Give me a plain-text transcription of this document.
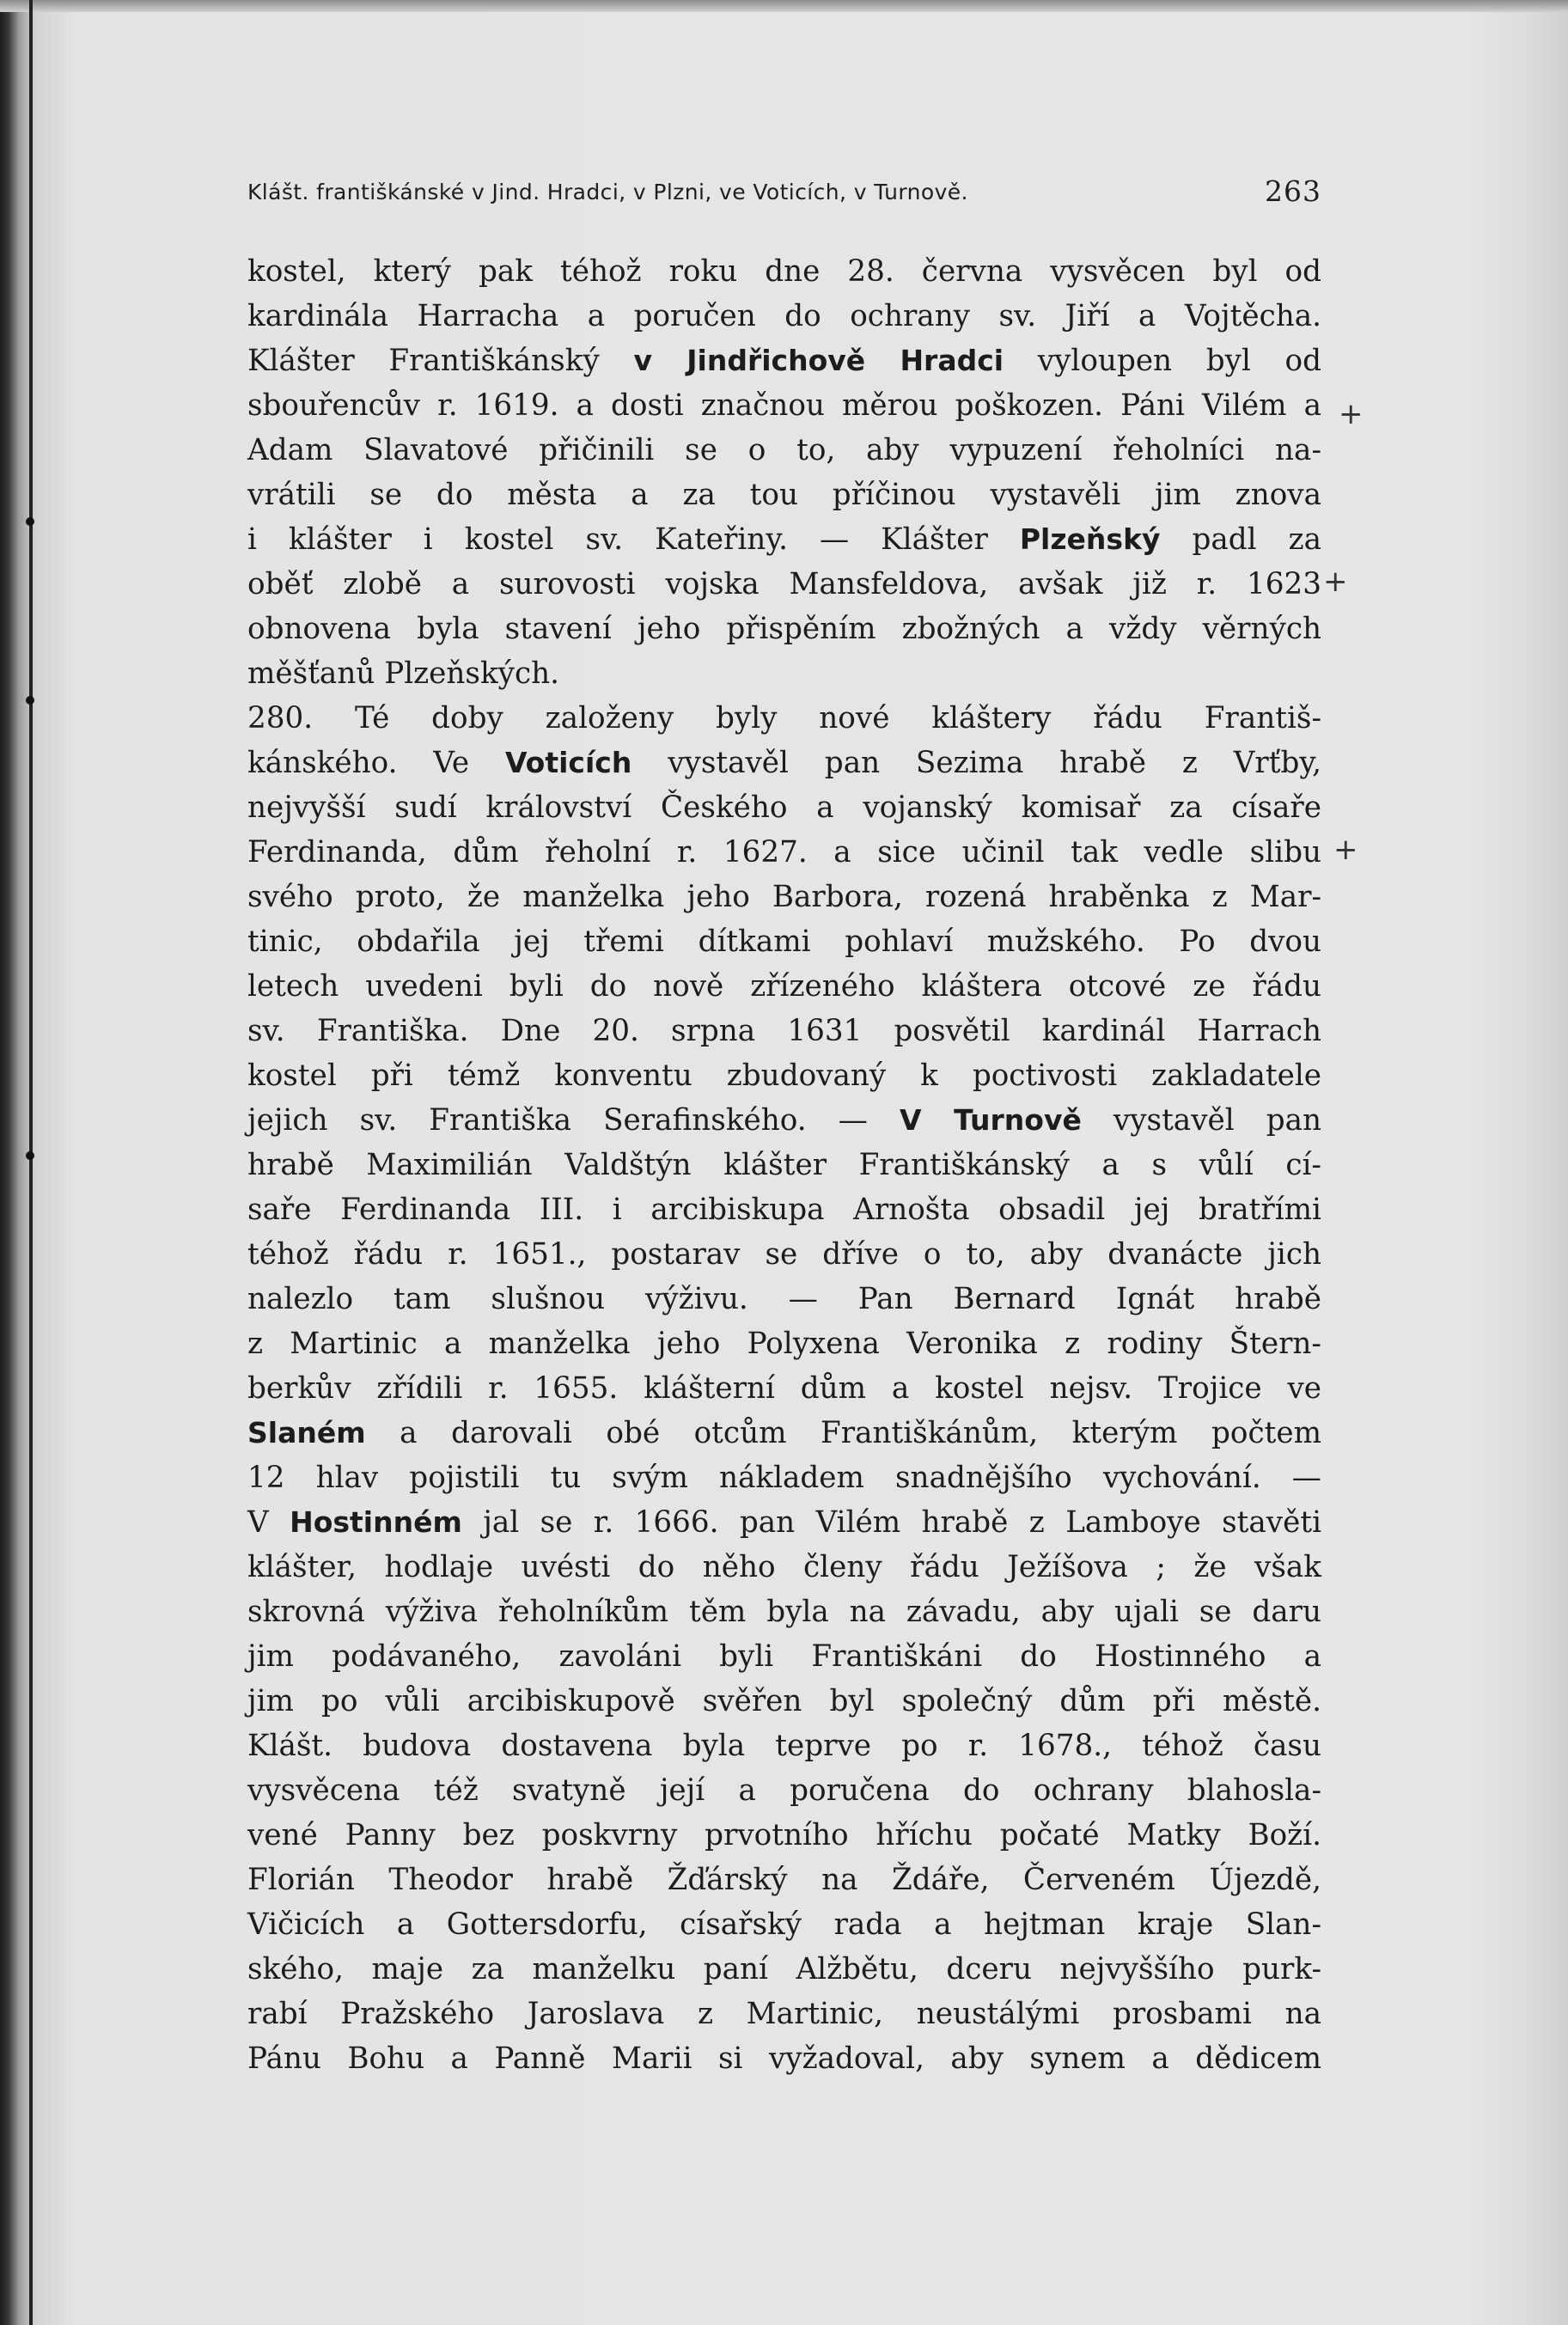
Klášt. františkánské v Jind. Hradci, v Plzni, ve Voticích, v Turnově.	263
kostel, který pak téhož roku dne 28. června vysvěcen byl od
kardinála Harracha a poručen do ochrany sv. Jiří a Vojtěcha.
Klášter Františkánský v Jindřichově Hradci vyloupen byl od
sbouřencův r. 1619. a dosti značnou měrou poškozen. Páni Vilém a
Adam Slavatové přičinili se o to, aby vypuzení řeholníci na-
vrátili se do města a za tou příčinou vystavěli jim znova
i klášter i kostel sv. Kateřiny. — Klášter Plzeňský padl za
oběť zlobě a surovosti vojska Mansfeldova, avšak již r. 1623
obnovena byla stavení jeho přispěním zbožných a vždy věrných
měšťanů Plzeňských.
280. Té doby založeny byly nové kláštery řádu Františ-
kánského. Ve Voticích vystavěl pan Sezima hrabě z Vrťby,
nejvyšší sudí království Českého a vojanský komisař za císaře
Ferdinanda, dům řeholní r. 1627. a sice učinil tak vedle slibu
svého proto, že manželka jeho Barbora, rozená hraběnka z Mar-
tinic, obdařila jej třemi dítkami pohlaví mužského. Po dvou
letech uvedeni byli do nově zřízeného kláštera otcové ze řádu
sv. Františka. Dne 20. srpna 1631 posvětil kardinál Harrach
kostel při témž konventu zbudovaný k poctivosti zakladatele
jejich sv. Františka Serafinského. — V Turnově vystavěl pan
hrabě Maximilián Valdštýn klášter Františkánský a s vůlí cí-
saře Ferdinanda III. i arcibiskupa Arnošta obsadil jej bratřími
téhož řádu r. 1651., postarav se dříve o to, aby dvanácte jich
nalezlo tam slušnou výživu. — Pan Bernard Ignát hrabě
z Martinic a manželka jeho Polyxena Veronika z rodiny Štern-
berkův zřídili r. 1655. klášterní dům a kostel nejsv. Trojice ve
Slaném a darovali obé otcům Františkánům, kterým počtem
12 hlav pojistili tu svým nákladem snadnějšího vychování. —
V Hostinném jal se r. 1666. pan Vilém hrabě z Lamboye stavěti
klášter, hodlaje uvésti do něho členy řádu Ježíšova ; že však
skrovná výživa řeholníkům těm byla na závadu, aby ujali se daru
jim podávaného, zavoláni byli Františkáni do Hostinného a
jim po vůli arcibiskupově svěřen byl společný dům při městě.
Klášt. budova dostavena byla teprve po r. 1678., téhož času
vysvěcena též svatyně její a poručena do ochrany blahosla-
vené Panny bez poskvrny prvotního hříchu počaté Matky Boží.
Florián Theodor hrabě Žďárský na Ždáře, Červeném Újezdě,
Vičicích a Gottersdorfu, císařský rada a hejtman kraje Slan-
ského, maje za manželku paní Alžbětu, dceru nejvyššího purk-
rabí Pražského Jaroslava z Martinic, neustálými prosbami na
Pánu Bohu a Panně Marii si vyžadoval, aby synem a dědicem
+
+
+
